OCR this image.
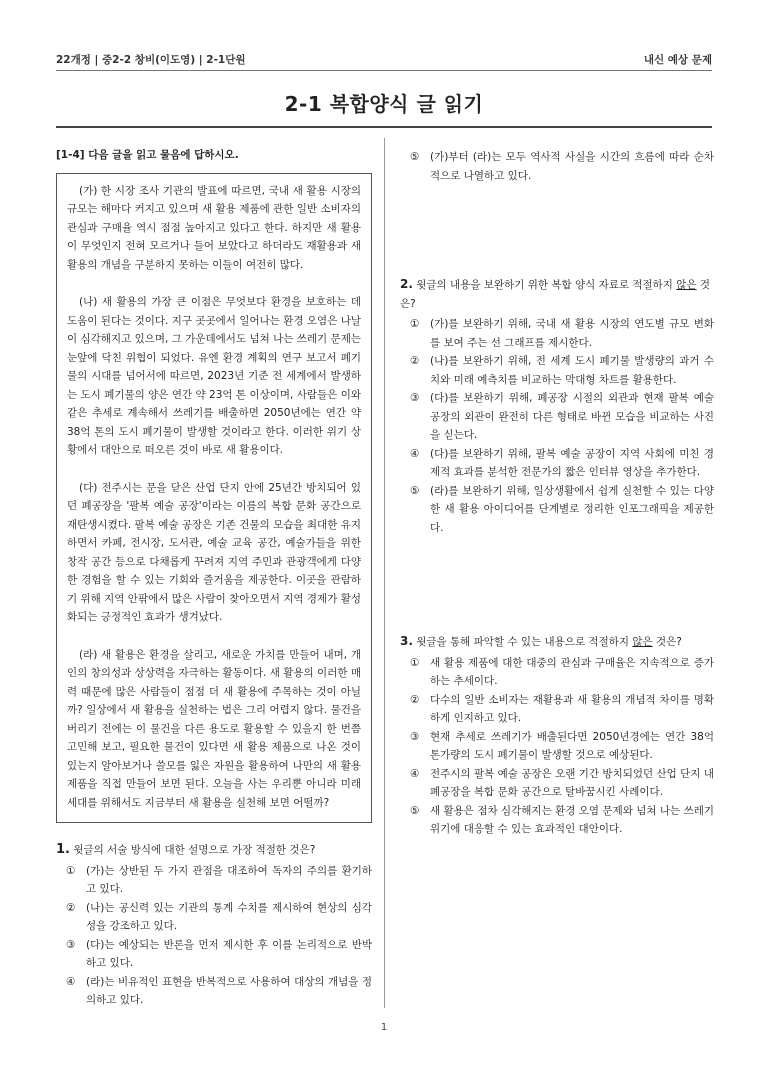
22개정 | 중2-2 창비(이도영) | 2-1단원	내신 예상 문제
2-1 복합양식 글 읽기
[1-4] 다음 글을 읽고 물음에 답하시오.

(가) 한 시장 조사 기관의 발표에 따르면, 국내 새 활용 시장의 규모는 해마다 커지고 있으며 새 활용 제품에 관한 일반 소비자의 관심과 구매율 역시 점점 높아지고 있다고 한다. 하지만 새 활용이 무엇인지 전혀 모르거나 들어 보았다고 하더라도 재활용과 새 활용의 개념을 구분하지 못하는 이들이 여전히 많다.

(나) 새 활용의 가장 큰 이점은 무엇보다 환경을 보호하는 데 도움이 된다는 것이다. 지구 곳곳에서 일어나는 환경 오염은 나날이 심각해지고 있으며, 그 가운데에서도 넘쳐 나는 쓰레기 문제는 눈앞에 닥친 위협이 되었다. 유엔 환경 계획의 연구 보고서 폐기물의 시대를 넘어서에 따르면, 2023년 기준 전 세계에서 발생하는 도시 폐기물의 양은 연간 약 23억 톤 이상이며, 사람들은 이와 같은 추세로 계속해서 쓰레기를 배출하면 2050년에는 연간 약 38억 톤의 도시 폐기물이 발생할 것이라고 한다. 이러한 위기 상황에서 대안으로 떠오른 것이 바로 새 활용이다.

(다) 전주시는 문을 닫은 산업 단지 안에 25년간 방치되어 있던 폐공장을 '팔복 예술 공장'이라는 이름의 복합 문화 공간으로 재탄생시켰다. 팔복 예술 공장은 기존 건물의 모습을 최대한 유지하면서 카페, 전시장, 도서관, 예술 교육 공간, 예술가들을 위한 창작 공간 등으로 다채롭게 꾸려져 지역 주민과 관광객에게 다양한 경험을 할 수 있는 기회와 즐거움을 제공한다. 이곳을 관람하기 위해 지역 안팎에서 많은 사람이 찾아오면서 지역 경제가 활성화되는 긍정적인 효과가 생겨났다.

(라) 새 활용은 환경을 살리고, 새로운 가치를 만들어 내며, 개인의 창의성과 상상력을 자극하는 활동이다. 새 활용의 이러한 매력 때문에 많은 사람들이 점점 더 새 활용에 주목하는 것이 아닐까? 일상에서 새 활용을 실천하는 법은 그리 어렵지 않다. 물건을 버리기 전에는 이 물건을 다른 용도로 활용할 수 있을지 한 번쯤 고민해 보고, 필요한 물건이 있다면 새 활용 제품으로 나온 것이 있는지 알아보거나 쓸모를 잃은 자원을 활용하여 나만의 새 활용 제품을 직접 만들어 보면 된다. 오늘을 사는 우리뿐 아니라 미래 세대를 위해서도 지금부터 새 활용을 실천해 보면 어떨까?

1. 윗글의 서술 방식에 대한 설명으로 가장 적절한 것은?
① (가)는 상반된 두 가지 관점을 대조하여 독자의 주의를 환기하고 있다.
② (나)는 공신력 있는 기관의 통계 수치를 제시하여 현상의 심각성을 강조하고 있다.
③ (다)는 예상되는 반론을 먼저 제시한 후 이를 논리적으로 반박하고 있다.
④ (라)는 비유적인 표현을 반복적으로 사용하여 대상의 개념을 정의하고 있다.
⑤ (가)부터 (라)는 모두 역사적 사실을 시간의 흐름에 따라 순차적으로 나열하고 있다.
2. 윗글의 내용을 보완하기 위한 복합 양식 자료로 적절하지 않은 것은?
① (가)를 보완하기 위해, 국내 새 활용 시장의 연도별 규모 변화를 보여 주는 선 그래프를 제시한다.
② (나)를 보완하기 위해, 전 세계 도시 폐기물 발생량의 과거 수치와 미래 예측치를 비교하는 막대형 차트를 활용한다.
③ (다)를 보완하기 위해, 폐공장 시절의 외관과 현재 팔복 예술 공장의 외관이 완전히 다른 형태로 바뀐 모습을 비교하는 사진을 싣는다.
④ (다)를 보완하기 위해, 팔복 예술 공장이 지역 사회에 미친 경제적 효과를 분석한 전문가의 짧은 인터뷰 영상을 추가한다.
⑤ (라)를 보완하기 위해, 일상생활에서 쉽게 실천할 수 있는 다양한 새 활용 아이디어를 단계별로 정리한 인포그래픽을 제공한다.
3. 윗글을 통해 파악할 수 있는 내용으로 적절하지 않은 것은?
① 새 활용 제품에 대한 대중의 관심과 구매율은 지속적으로 증가하는 추세이다.
② 다수의 일반 소비자는 재활용과 새 활용의 개념적 차이를 명확하게 인지하고 있다.
③ 현재 추세로 쓰레기가 배출된다면 2050년경에는 연간 38억 톤가량의 도시 폐기물이 발생할 것으로 예상된다.
④ 전주시의 팔복 예술 공장은 오랜 기간 방치되었던 산업 단지 내 폐공장을 복합 문화 공간으로 탈바꿈시킨 사례이다.
⑤ 새 활용은 점차 심각해지는 환경 오염 문제와 넘쳐 나는 쓰레기 위기에 대응할 수 있는 효과적인 대안이다.
1
